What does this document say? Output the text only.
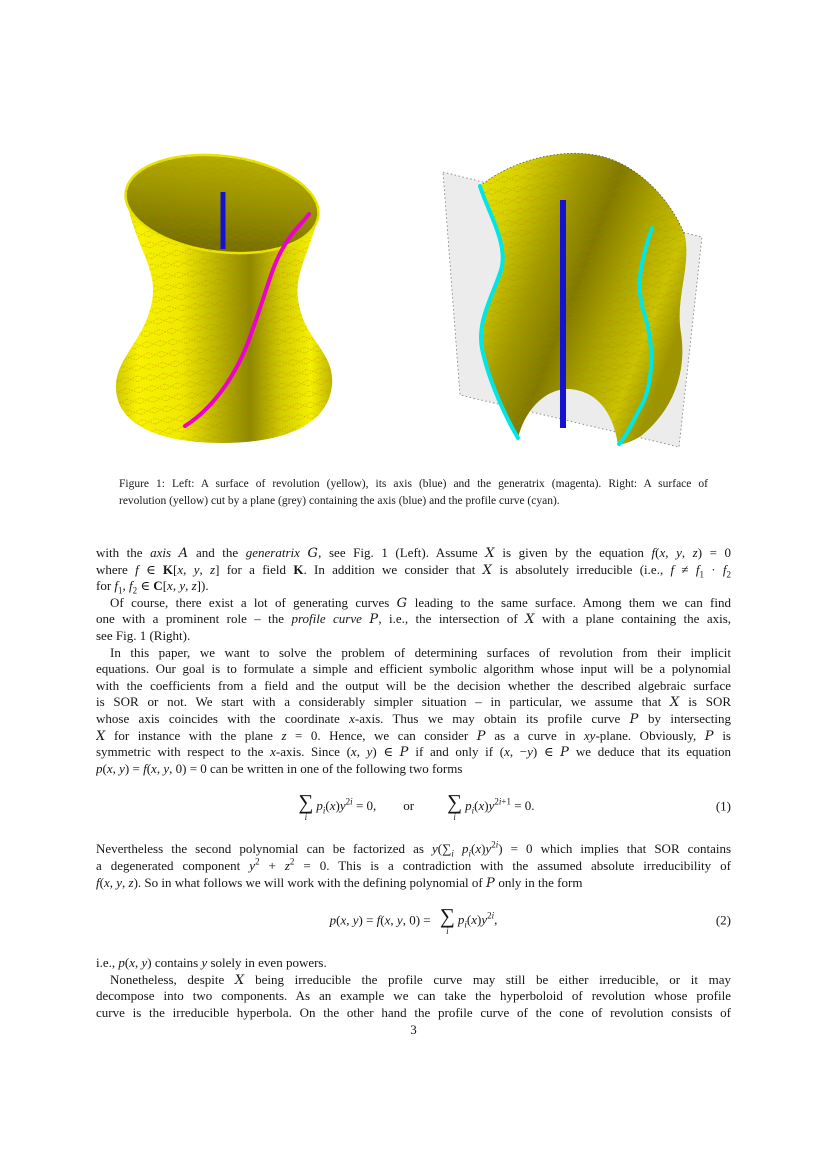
Figure 1: Left: A surface of revolution (yellow), its axis (blue) and the generatrix (magenta). Right: A surface of
revolution (yellow) cut by a plane (grey) containing the axis (blue) and the profile curve (cyan).
with the axis A and the generatrix G, see Fig. 1 (Left). Assume X is given by the equation f(x, y, z) = 0
where f ∈ K[x, y, z] for a field K. In addition we consider that X is absolutely irreducible (i.e., $f \ne f_1 \cdot f_2$
for $f_1$, $f_2$ ∈ C[x, y, z]).
Of course, there exist a lot of generating curves G leading to the same surface. Among them we can find
one with a prominent role – the profile curve P, i.e., the intersection of X with a plane containing the axis,
see Fig. 1 (Right).
In this paper, we want to solve the problem of determining surfaces of revolution from their implicit
equations. Our goal is to formulate a simple and efficient symbolic algorithm whose input will be a polynomial
with the coefficients from a field and the output will be the decision whether the described algebraic surface
is SOR or not. We start with a considerably simpler situation – in particular, we assume that X is SOR
whose axis coincides with the coordinate x-axis. Thus we may obtain its profile curve P by intersecting
X for instance with the plane z = 0. Hence, we can consider P as a curve in xy-plane. Obviously, P is
symmetric with respect to the x-axis. Since (x, y) ∈ P if and only if (x, −y) ∈ P we deduce that its equation
p(x, y) = f(x, y, 0) = 0 can be written in one of the following two forms
∑
i
$p_i(x)y^{2i} = 0$, or ∑
i
$p_i(x)y^{2i+1} = 0$.	(1)
Nevertheless the second polynomial can be factorized as $y(\sum_i$ $p_i(x)y^{2i}) = 0$ which implies that SOR contains
a degenerated component $y^2 + z^2 = 0$. This is a contradiction with the assumed absolute irreducibility of
f(x, y, z). So in what follows we will work with the defining polynomial of P only in the form
p(x, y) = f(x, y, 0) = ∑
i
$p_i(x)y^{2i}$,	(2)
i.e., p(x, y) contains y solely in even powers.
Nonetheless, despite X being irreducible the profile curve may still be either irreducible, or it may
decompose into two components. As an example we can take the hyperboloid of revolution whose profile
curve is the irreducible hyperbola. On the other hand the profile curve of the cone of revolution consists of
3
